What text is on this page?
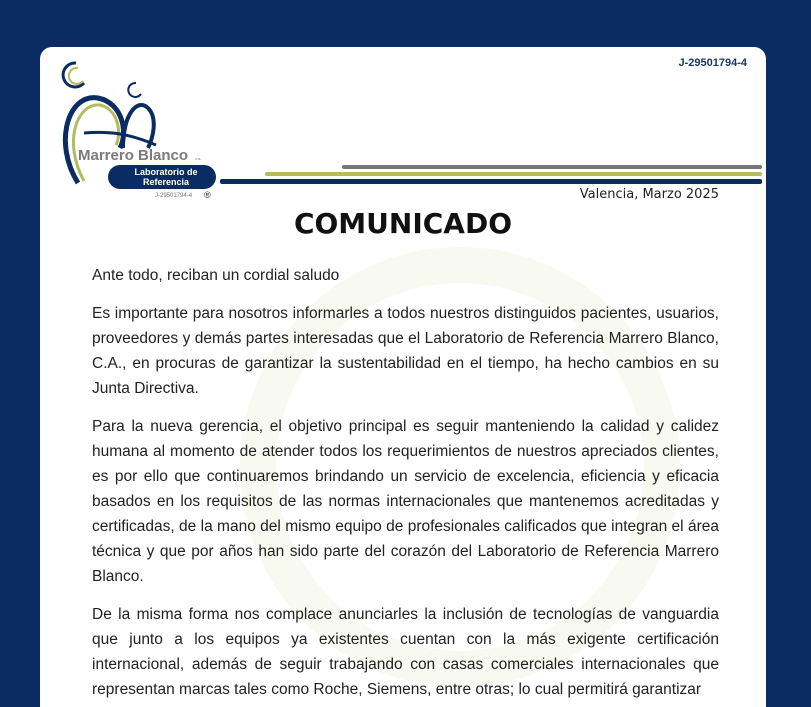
Marrero Blanco c.a.
Laboratorio de
Referencia
J-29501794-4 ®
J-29501794-4
Valencia, Marzo 2025
COMUNICADO

Ante todo, reciban un cordial saludo

Es importante para nosotros informarles a todos nuestros distinguidos pacientes, usuarios, proveedores y demás partes interesadas que el Laboratorio de Referencia Marrero Blanco, C.A., en procuras de garantizar la sustentabilidad en el tiempo, ha hecho cambios en su Junta Directiva.

Para la nueva gerencia, el objetivo principal es seguir manteniendo la calidad y calidez humana al momento de atender todos los requerimientos de nuestros apreciados clientes, es por ello que continuaremos brindando un servicio de excelencia, eficiencia y eficacia basados en los requisitos de las normas internacionales que mantenemos acreditadas y certificadas, de la mano del mismo equipo de profesionales calificados que integran el área técnica y que por años han sido parte del corazón del Laboratorio de Referencia Marrero Blanco.

De la misma forma nos complace anunciarles la inclusión de tecnologías de vanguardia que junto a los equipos ya existentes cuentan con la más exigente certificación internacional, además de seguir trabajando con casas comerciales internacionales que representan marcas tales como Roche, Siemens, entre otras; lo cual permitirá garantizar
